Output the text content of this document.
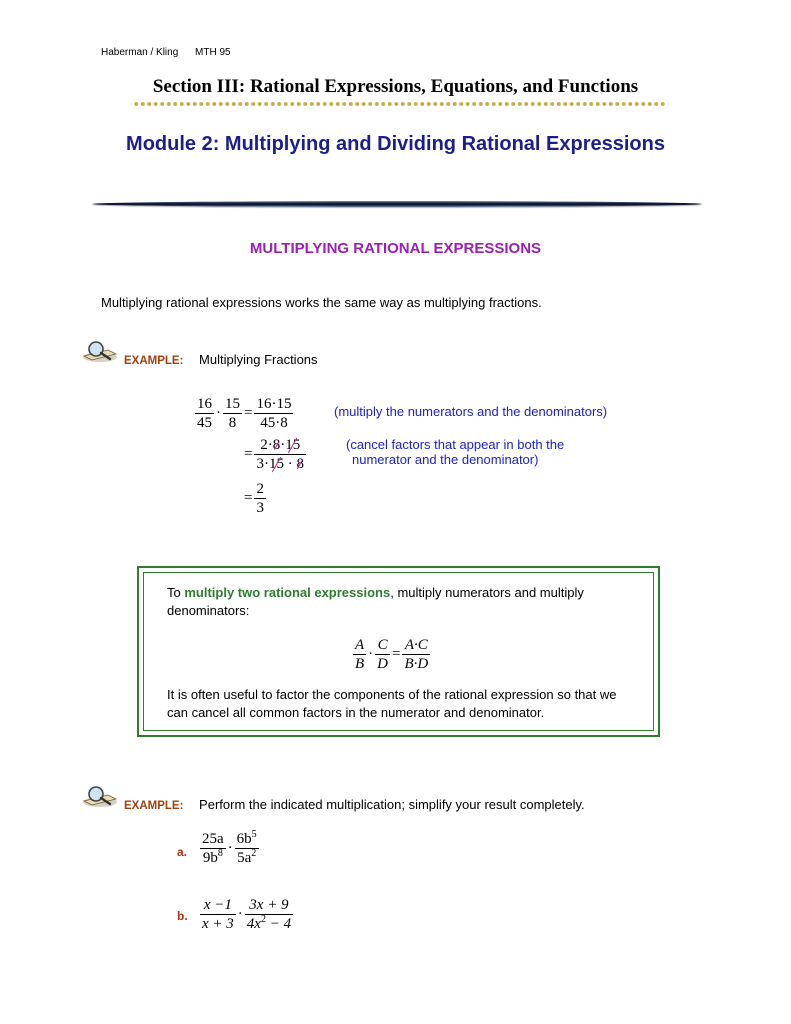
Haberman / Kling MTH 95
Section III: Rational Expressions, Equations, and Functions
Module 2: Multiplying and Dividing Rational Expressions
MULTIPLYING RATIONAL EXPRESSIONS
Multiplying rational expressions works the same way as multiplying fractions.
EXAMPLE: Multiplying Fractions
$\frac{16}{45} \cdot \frac{15}{8} = \frac{16\cdot 15}{45\cdot 8}$	(multiply the numerators and the denominators)
= $\frac{2\cdot 8\cdot 15}{3\cdot 15 \cdot 8}$	(cancel factors that appear in both the
numerator and the denominator)
= $\frac{2}{3}$
To multiply two rational expressions, multiply numerators and multiply denominators:
$\frac{A}{B} \cdot \frac{C}{D} = \frac{A\cdot C}{B\cdot D}$
It is often useful to factor the components of the rational expression so that we can cancel all common factors in the numerator and denominator.
EXAMPLE: Perform the indicated multiplication; simplify your result completely.
a. $\frac{25a}{9b^8} \cdot \frac{6b^5}{5a^2}$
b. $\frac{x -1}{x + 3} \cdot \frac{3x + 9}{4x^2 - 4}$
